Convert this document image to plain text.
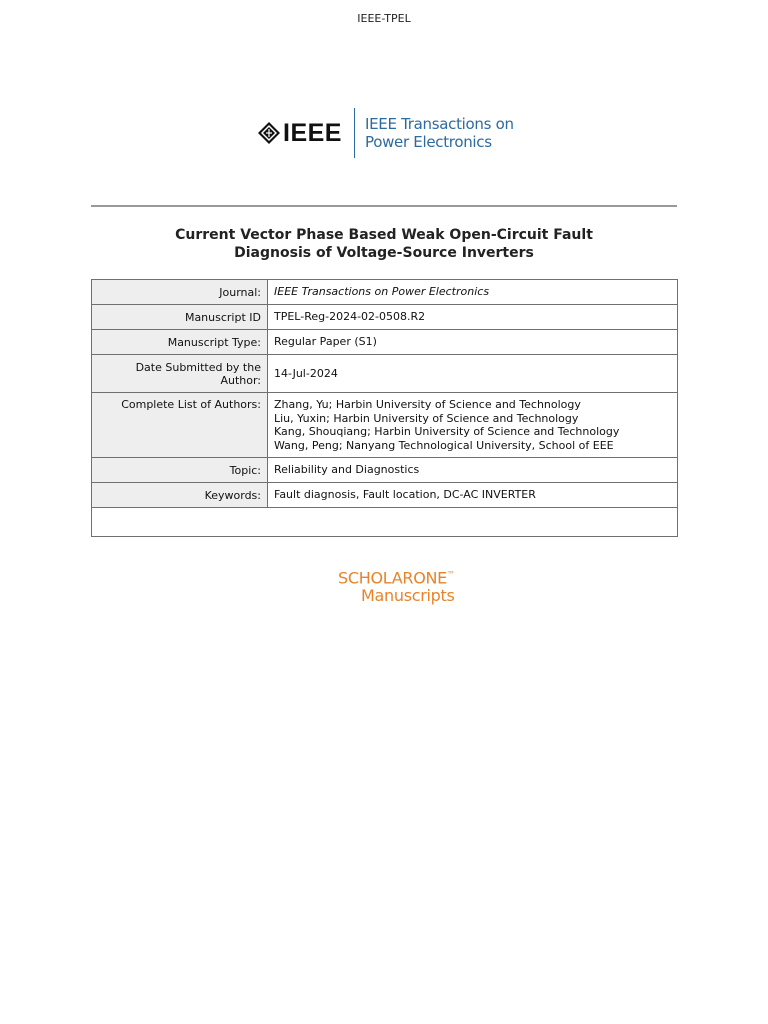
IEEE-TPEL
IEEE IEEE Transactions on
Power Electronics
Current Vector Phase Based Weak Open-Circuit Fault
Diagnosis of Voltage-Source Inverters
Journal:	IEEE Transactions on Power Electronics
Manuscript ID	TPEL-Reg-2024-02-0508.R2
Manuscript Type:	Regular Paper (S1)

Date Submitted by the
Author:	14-Jul-2024
Complete List of Authors:	Zhang, Yu; Harbin University of Science and Technology
Liu, Yuxin; Harbin University of Science and Technology
Kang, Shouqiang; Harbin University of Science and Technology
Wang, Peng; Nanyang Technological University, School of EEE

Topic:	Reliability and Diagnostics
Keywords:	Fault diagnosis, Fault location, DC-AC INVERTER

SCHOLARONE™
Manuscripts
